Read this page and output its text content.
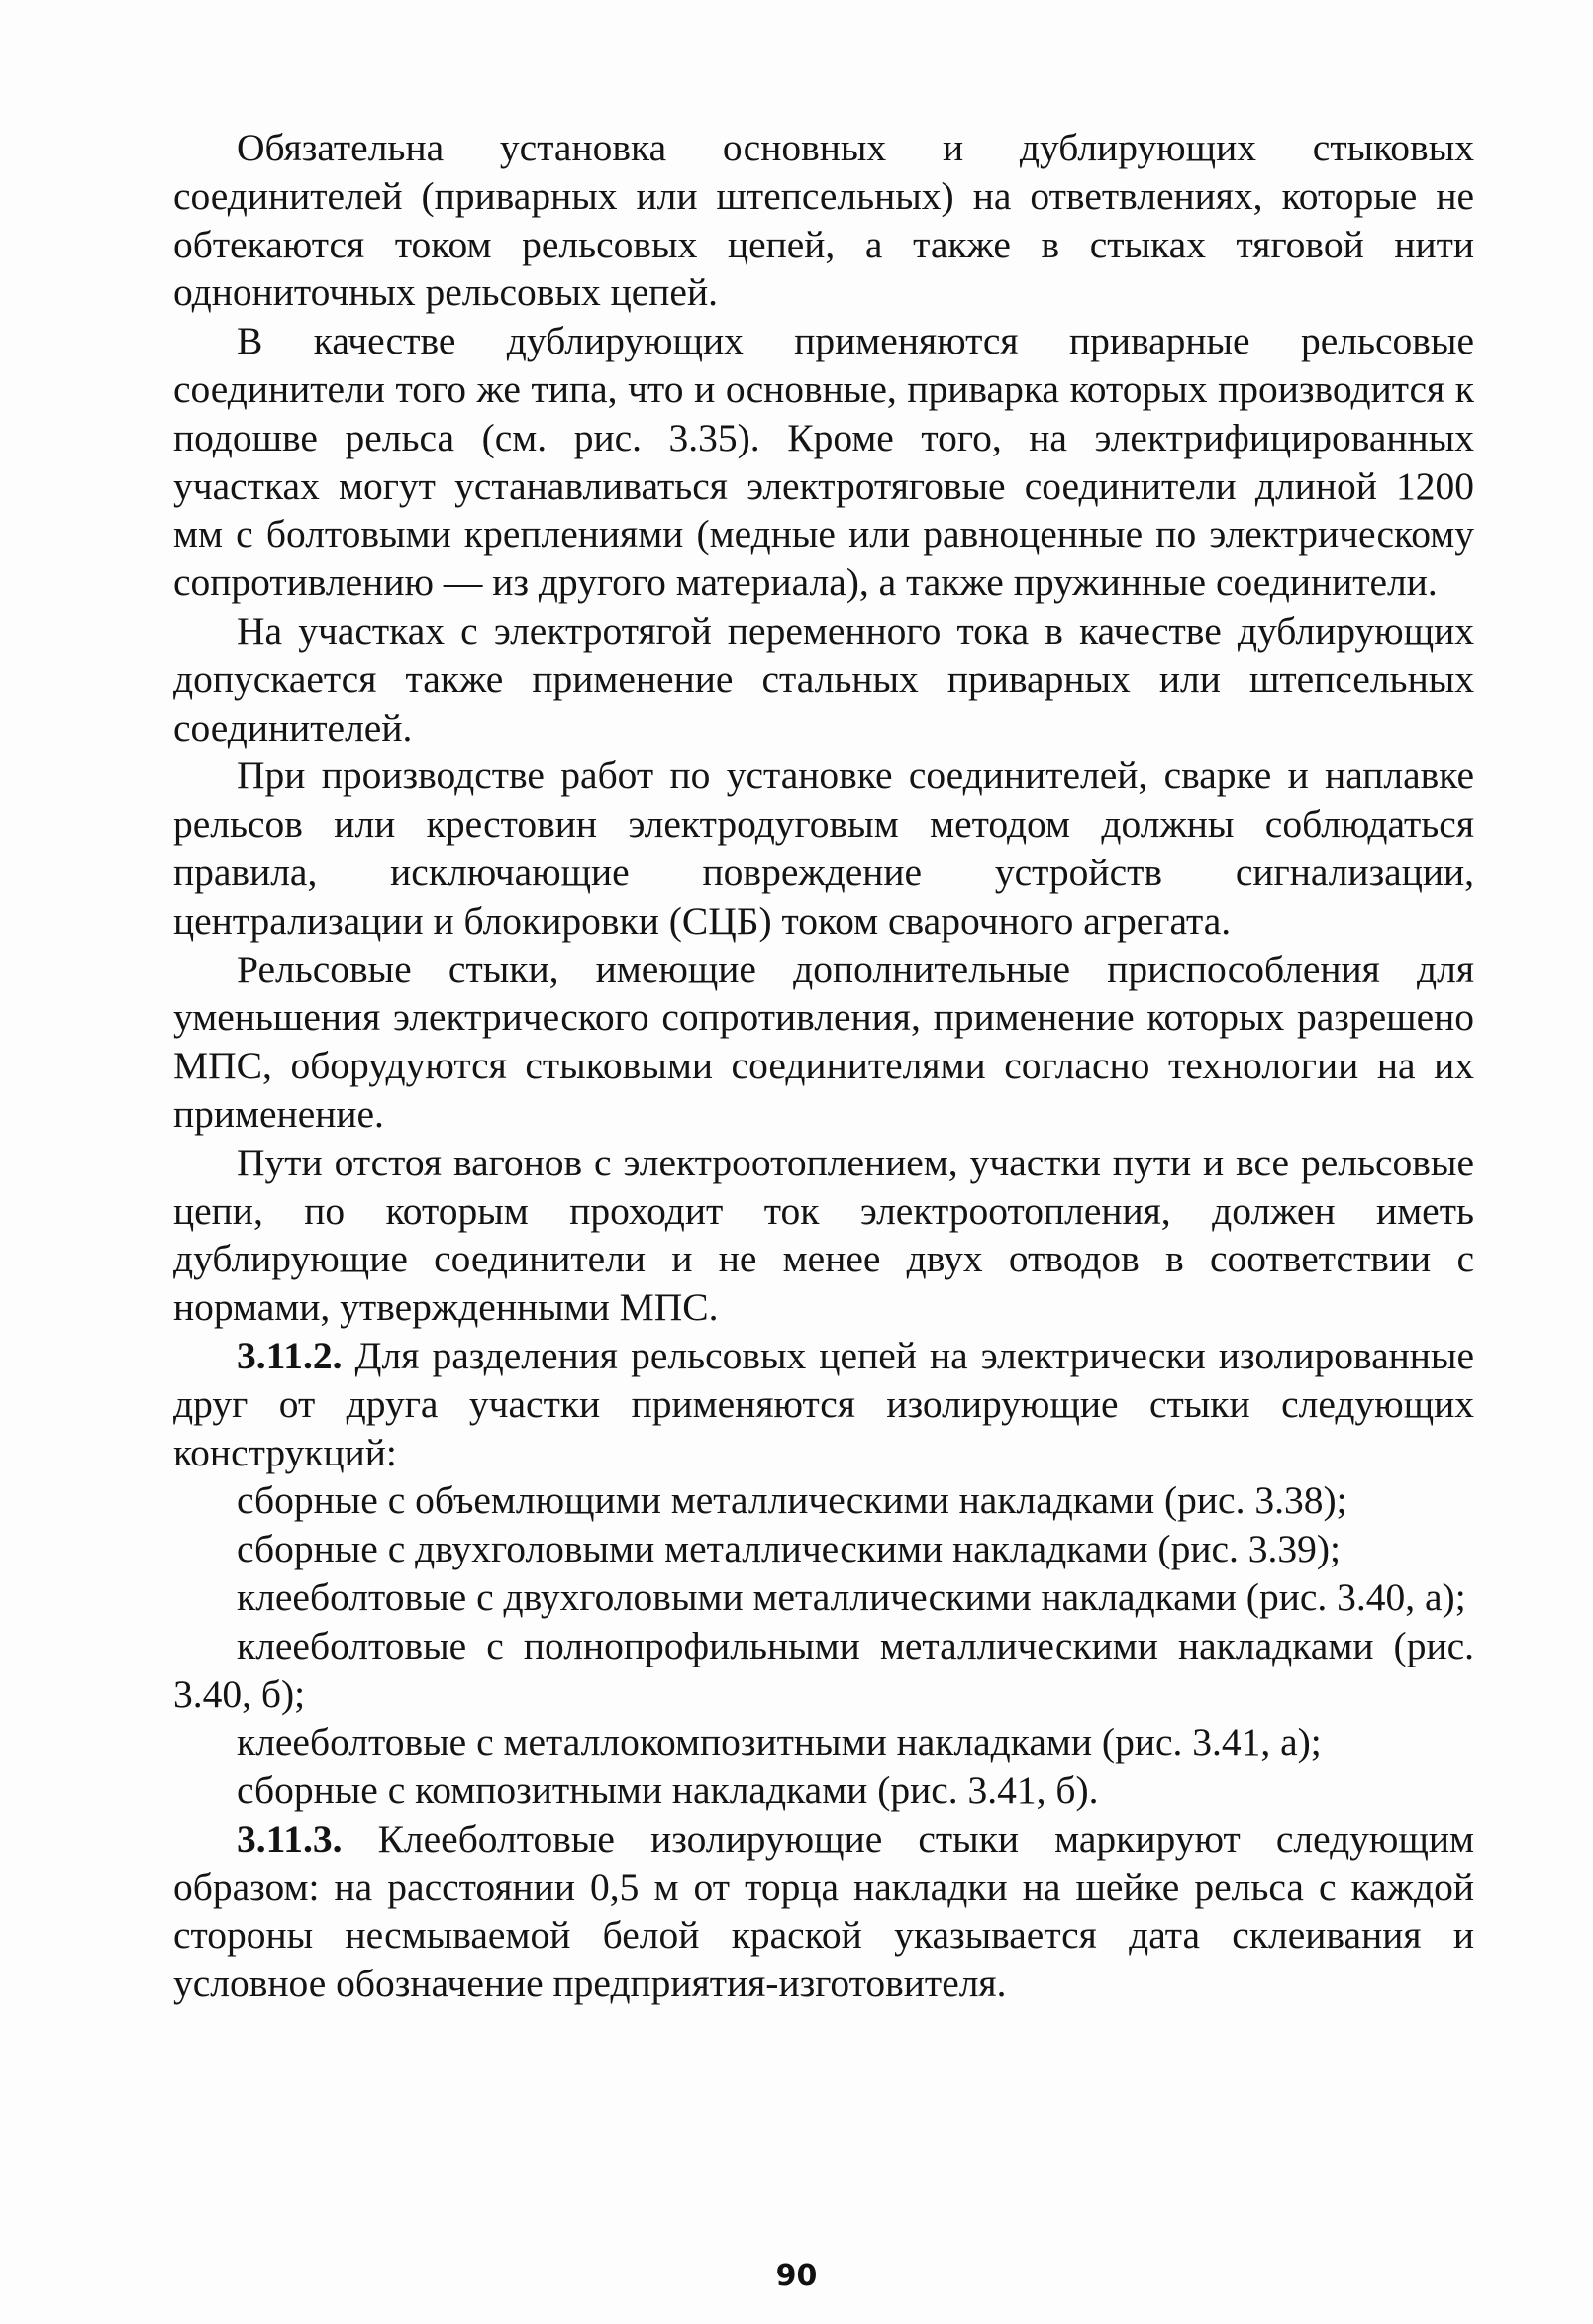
Обязательна установка основных и дублирующих стыковых соединителей (приварных или штепсельных) на ответвлениях, которые не обтекаются током рельсовых цепей, а также в стыках тяговой нити однониточных рельсовых цепей.

В качестве дублирующих применяются приварные рельсовые соединители того же типа, что и основные, приварка которых производится к подошве рельса (см. рис. 3.35). Кроме того, на электрифицированных участках могут устанавливаться электротяговые соединители длиной 1200 мм с болтовыми креплениями (медные или равноценные по электрическому сопротивлению — из другого материала), а также пружинные соединители.

На участках с электротягой переменного тока в качестве дублирующих допускается также применение стальных приварных или штепсельных соединителей.

При производстве работ по установке соединителей, сварке и наплавке рельсов или крестовин электродуговым методом должны соблюдаться правила, исключающие повреждение устройств сигнализации, централизации и блокировки (СЦБ) током сварочного агрегата.

Рельсовые стыки, имеющие дополнительные приспособления для уменьшения электрического сопротивления, применение которых разрешено МПС, оборудуются стыковыми соединителями согласно технологии на их применение.

Пути отстоя вагонов с электроотоплением, участки пути и все рельсовые цепи, по которым проходит ток электроотопления, должен иметь дублирующие соединители и не менее двух отводов в соответствии с нормами, утвержденными МПС.

3.11.2. Для разделения рельсовых цепей на электрически изолированные друг от друга участки применяются изолирующие стыки следующих конструкций:

сборные с объемлющими металлическими накладками (рис. 3.38);

сборные с двухголовыми металлическими накладками (рис. 3.39);

клееболтовые с двухголовыми металлическими накладками (рис. 3.40, а);

клееболтовые с полнопрофильными металлическими накладками (рис. 3.40, б);

клееболтовые с металлокомпозитными накладками (рис. 3.41, а);

сборные с композитными накладками (рис. 3.41, б).

3.11.3. Клееболтовые изолирующие стыки маркируют следующим образом: на расстоянии 0,5 м от торца накладки на шейке рельса с каждой стороны несмываемой белой краской указывается дата склеивания и условное обозначение предприятия-изготовителя.

90
